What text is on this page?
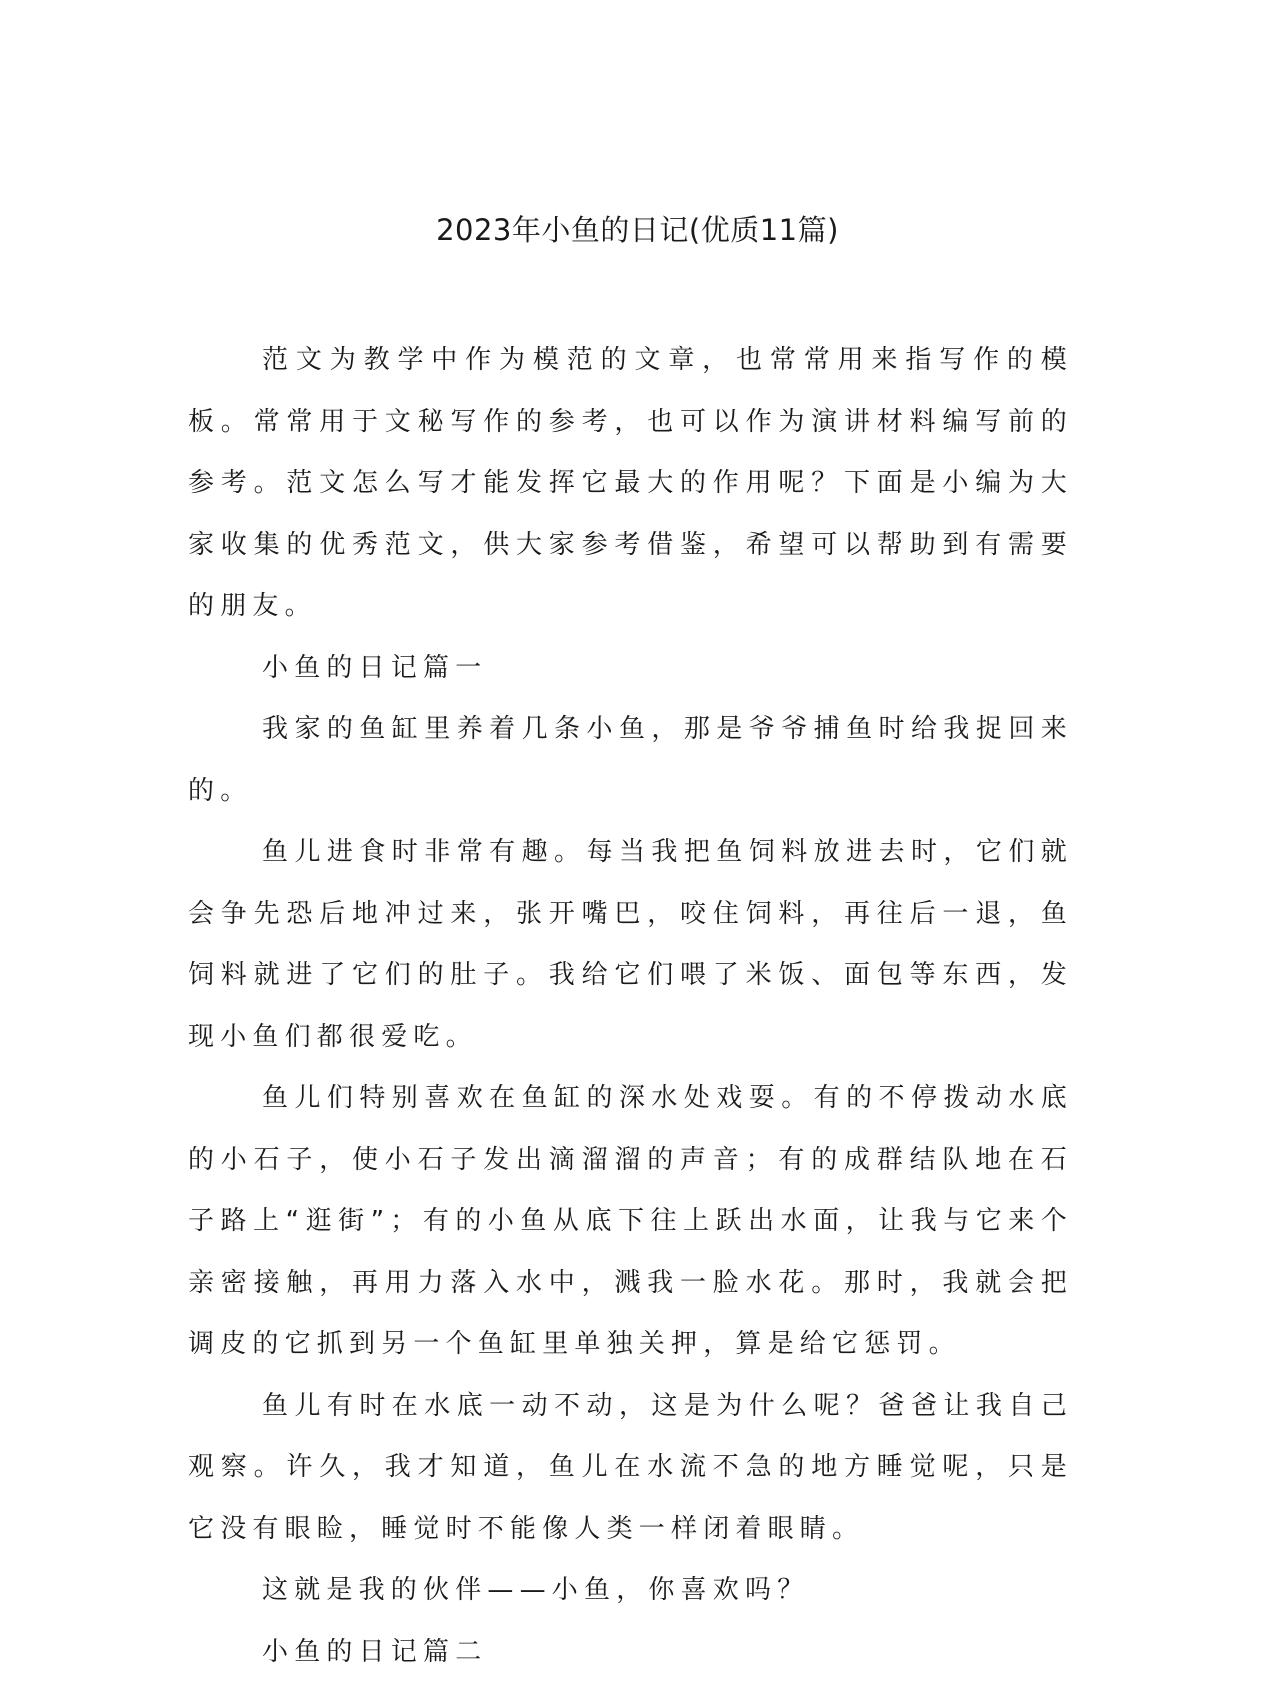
2023年小鱼的日记(优质11篇)

范文为教学中作为模范的文章，也常常用来指写作的模板。常常用于文秘写作的参考，也可以作为演讲材料编写前的参考。范文怎么写才能发挥它最大的作用呢？下面是小编为大家收集的优秀范文，供大家参考借鉴，希望可以帮助到有需要的朋友。

小鱼的日记篇一

我家的鱼缸里养着几条小鱼，那是爷爷捕鱼时给我捉回来的。

鱼儿进食时非常有趣。每当我把鱼饲料放进去时，它们就会争先恐后地冲过来，张开嘴巴，咬住饲料，再往后一退，鱼饲料就进了它们的肚子。我给它们喂了米饭、面包等东西，发现小鱼们都很爱吃。

鱼儿们特别喜欢在鱼缸的深水处戏耍。有的不停拨动水底的小石子，使小石子发出滴溜溜的声音；有的成群结队地在石子路上“逛街”；有的小鱼从底下往上跃出水面，让我与它来个亲密接触，再用力落入水中，溅我一脸水花。那时，我就会把调皮的它抓到另一个鱼缸里单独关押，算是给它惩罚。

鱼儿有时在水底一动不动，这是为什么呢？爸爸让我自己观察。许久，我才知道，鱼儿在水流不急的地方睡觉呢，只是它没有眼睑，睡觉时不能像人类一样闭着眼睛。

这就是我的伙伴——小鱼，你喜欢吗？

小鱼的日记篇二
